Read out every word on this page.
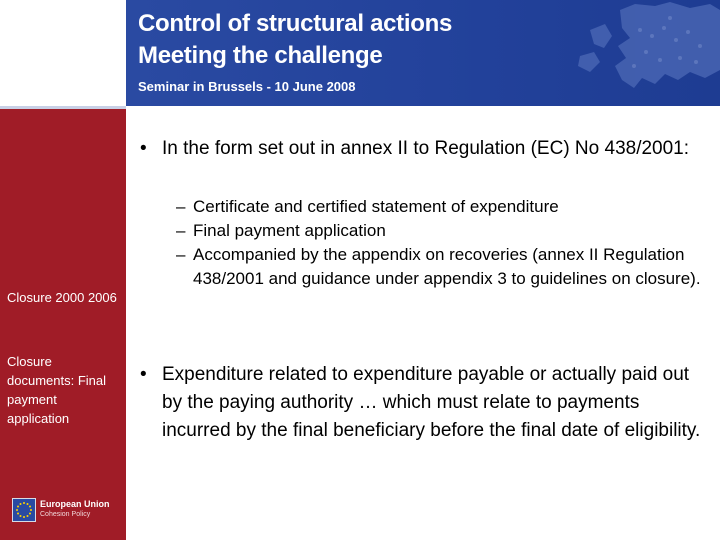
Control of structural actions
Meeting the challenge
Seminar in Brussels - 10 June 2008
Closure 2000 2006
Closure documents: Final payment application
European Union
Cohesion Policy
• In the form set out in annex II to Regulation (EC) No 438/2001:
– Certificate and certified statement of expenditure
– Final payment application
– Accompanied by the appendix on recoveries (annex II Regulation 438/2001 and guidance under appendix 3 to guidelines on closure).
• Expenditure related to expenditure payable or actually paid out by the paying authority … which must relate to payments incurred by the final beneficiary before the final date of eligibility.
